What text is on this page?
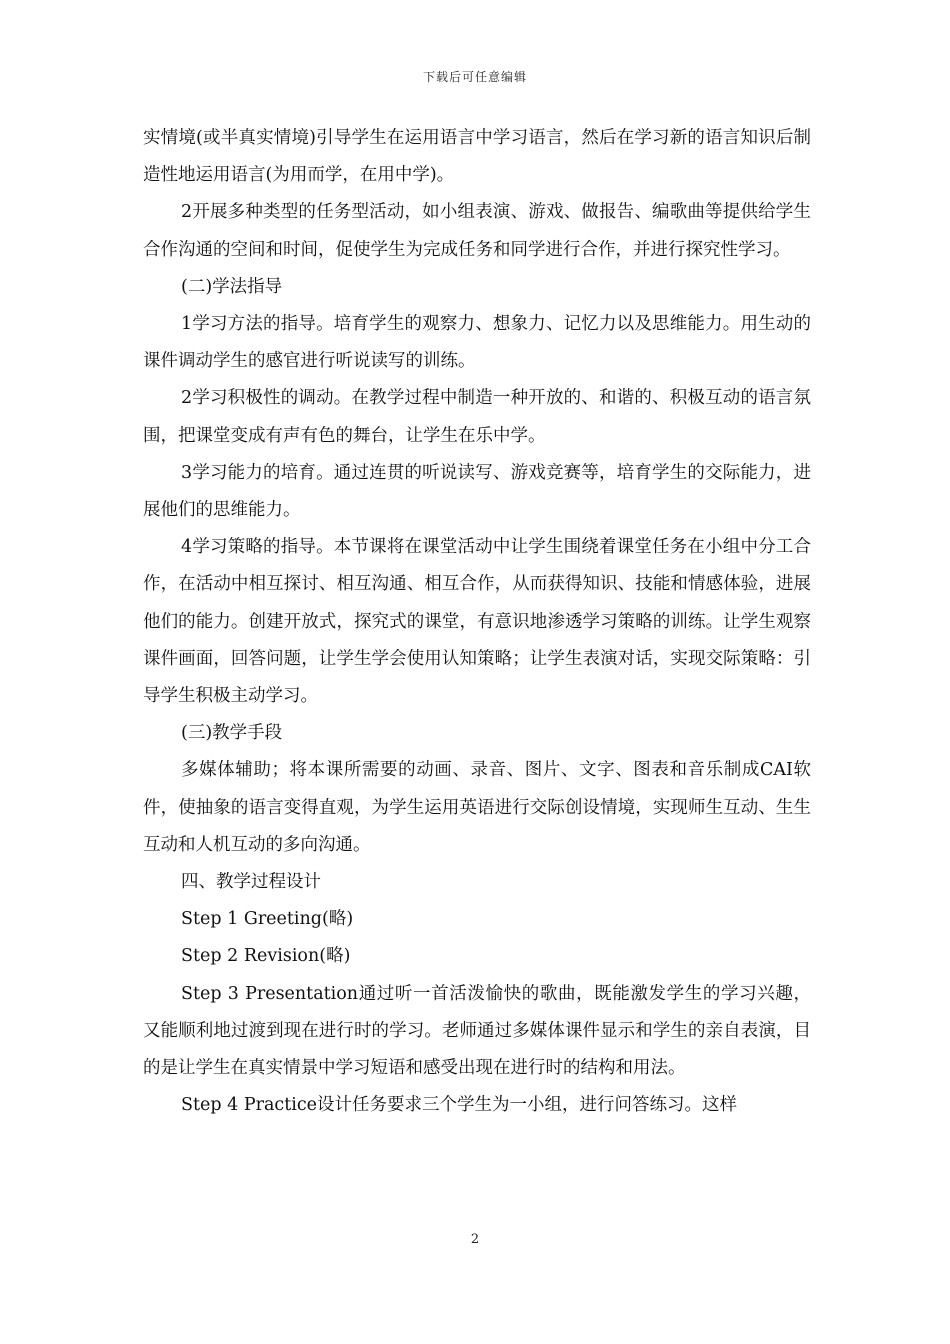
下载后可任意编辑

实情境(或半真实情境)引导学生在运用语言中学习语言，然后在学习新的语言知识后制造性地运用语言(为用而学，在用中学)。

2开展多种类型的任务型活动，如小组表演、游戏、做报告、编歌曲等提供给学生合作沟通的空间和时间，促使学生为完成任务和同学进行合作，并进行探究性学习。

(二)学法指导

1学习方法的指导。培育学生的观察力、想象力、记忆力以及思维能力。用生动的课件调动学生的感官进行听说读写的训练。

2学习积极性的调动。在教学过程中制造一种开放的、和谐的、积极互动的语言氛围，把课堂变成有声有色的舞台，让学生在乐中学。

3学习能力的培育。通过连贯的听说读写、游戏竞赛等，培育学生的交际能力，进展他们的思维能力。

4学习策略的指导。本节课将在课堂活动中让学生围绕着课堂任务在小组中分工合作，在活动中相互探讨、相互沟通、相互合作，从而获得知识、技能和情感体验，进展他们的能力。创建开放式，探究式的课堂，有意识地渗透学习策略的训练。让学生观察课件画面，回答问题，让学生学会使用认知策略；让学生表演对话，实现交际策略：引导学生积极主动学习。

(三)教学手段

多媒体辅助；将本课所需要的动画、录音、图片、文字、图表和音乐制成CAI软件，使抽象的语言变得直观，为学生运用英语进行交际创设情境，实现师生互动、生生互动和人机互动的多向沟通。

四、教学过程设计

Step 1 Greeting(略)

Step 2 Revision(略)

Step 3 Presentation通过听一首活泼愉快的歌曲，既能激发学生的学习兴趣，又能顺利地过渡到现在进行时的学习。老师通过多媒体课件显示和学生的亲自表演，目的是让学生在真实情景中学习短语和感受出现在进行时的结构和用法。

Step 4 Practice设计任务要求三个学生为一小组，进行问答练习。这样

2
